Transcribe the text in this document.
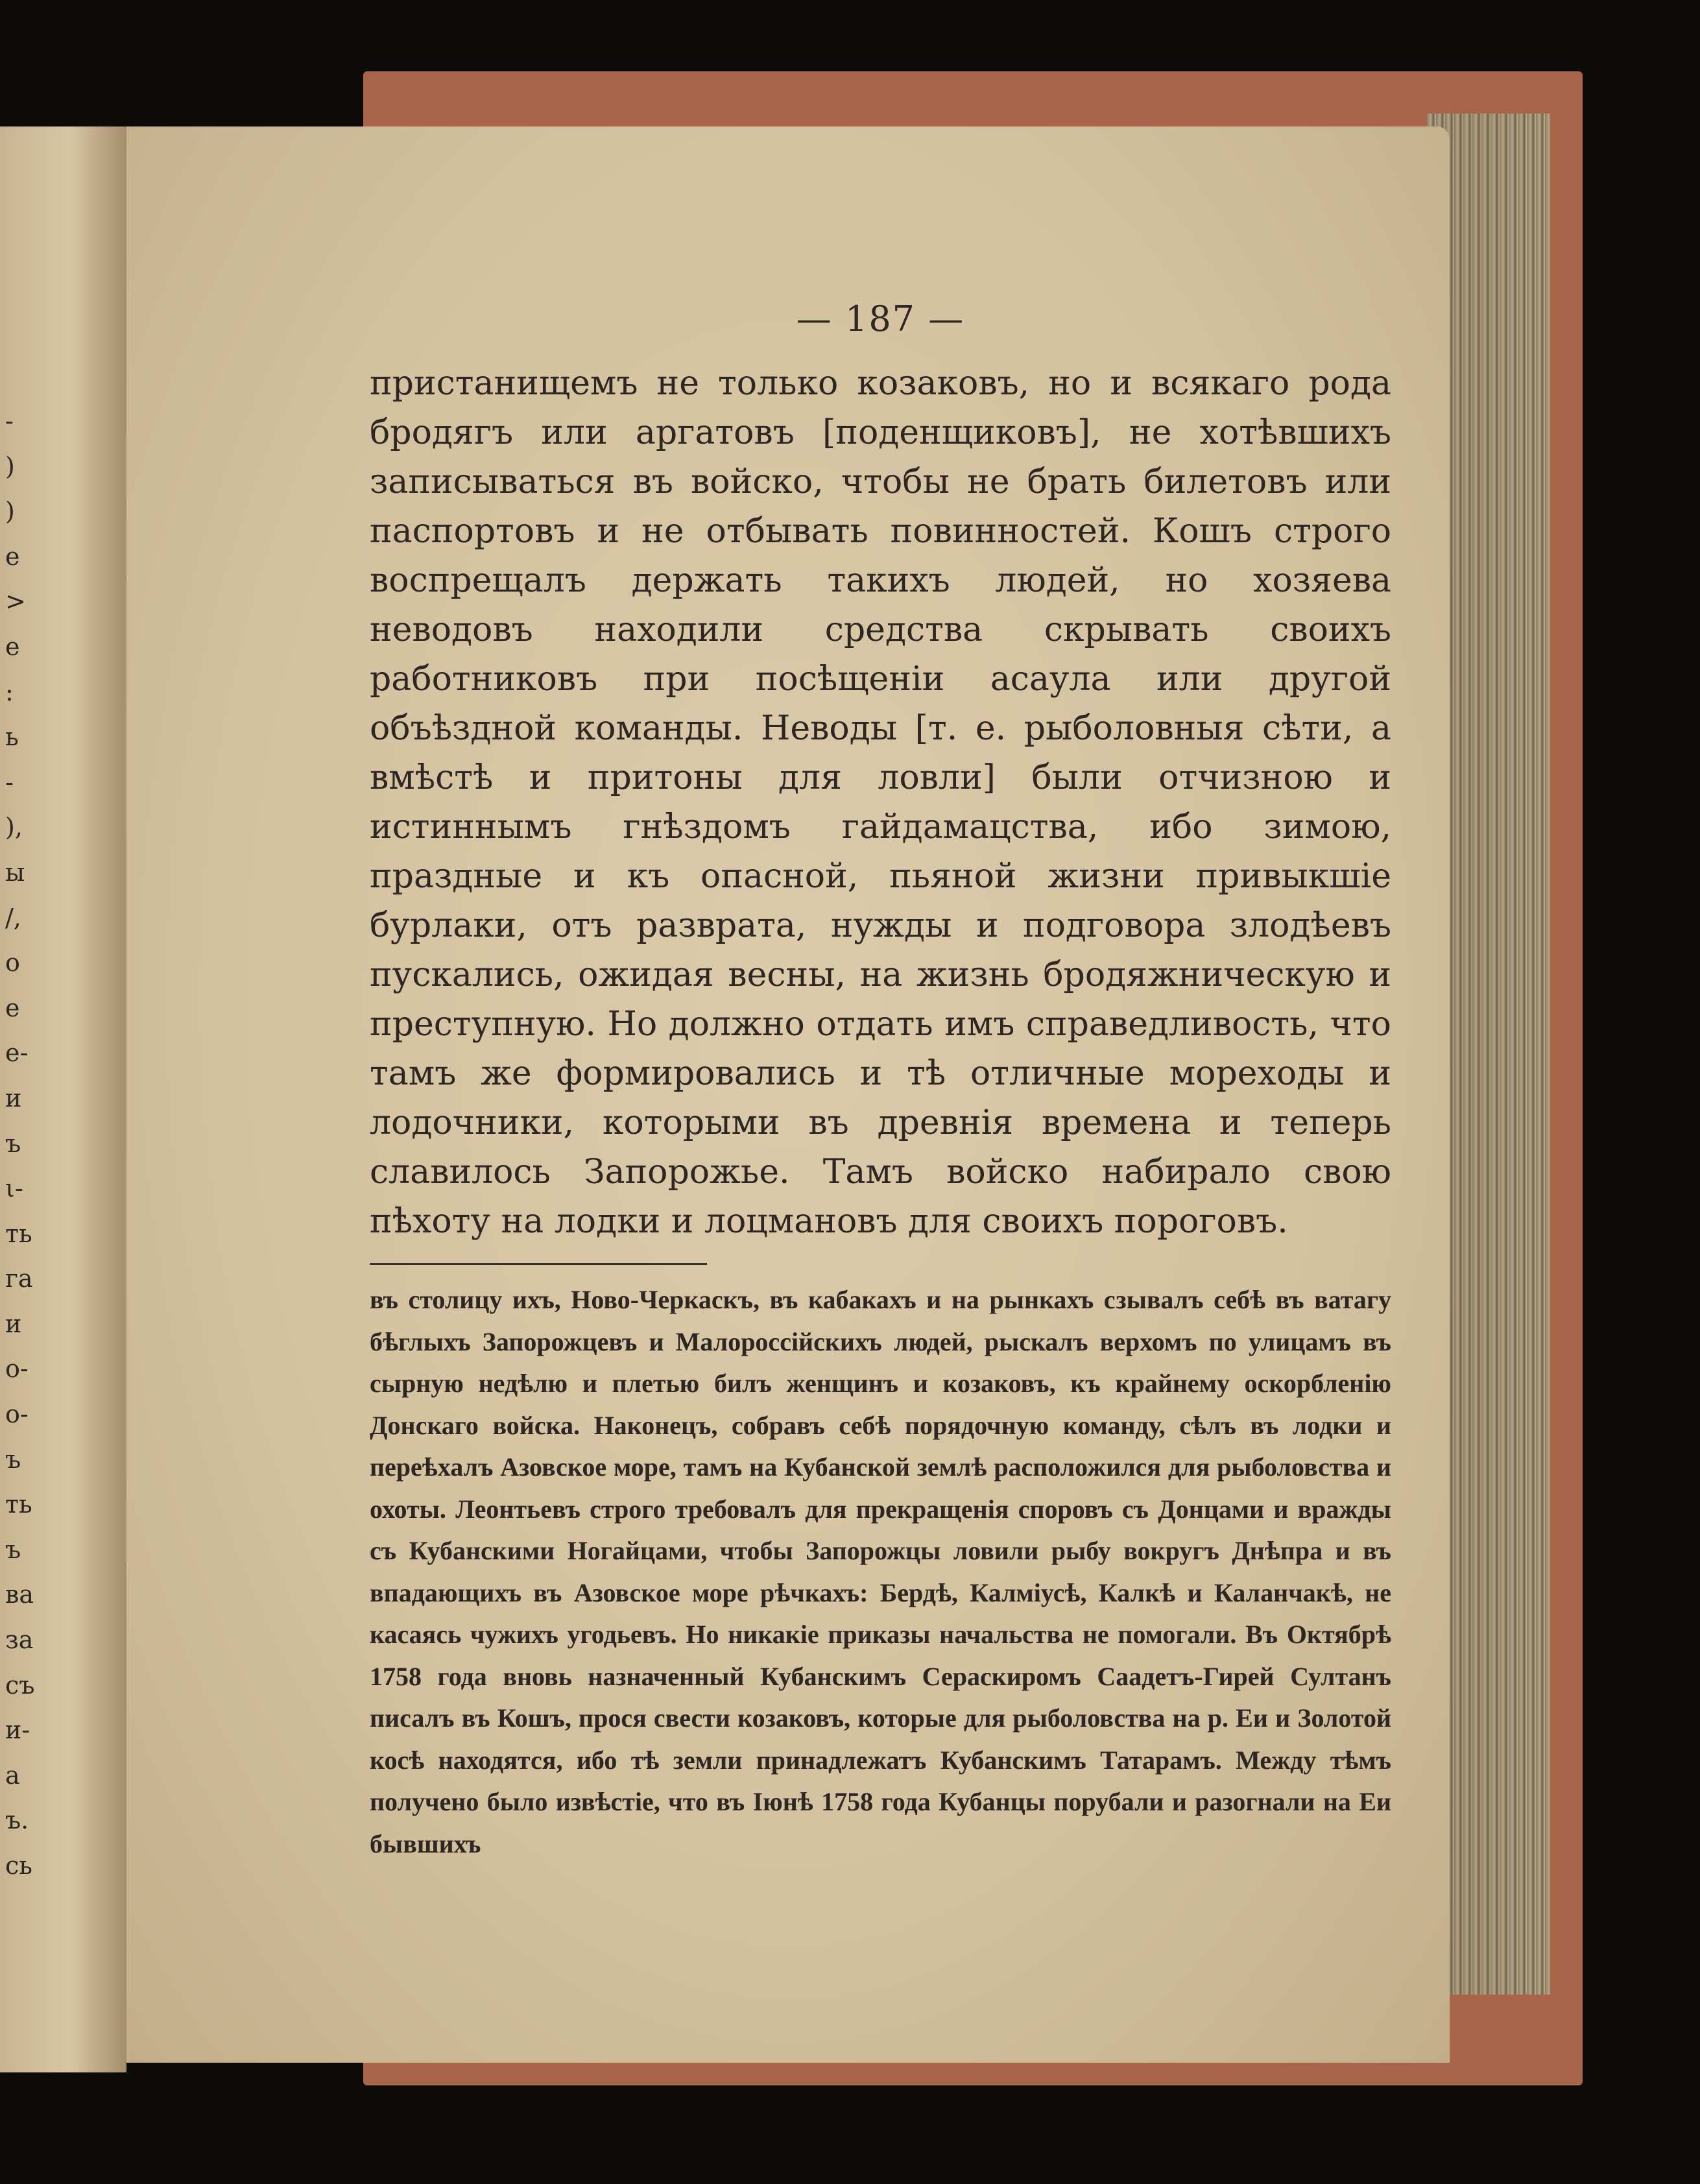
-
)
)
e
>
e
:
ь
-
),
ы
/,
o
e
e-
и
ъ
ι-
ть
га
и
o-
o-
ъ
ть
ъ
ва
за
съ
и-
а
ъ.
сь
— 187 —

пристанищемъ не только козаковъ, но и всякаго рода бродягъ или аргатовъ [поденщиковъ], не хотѣвшихъ записываться въ войско, чтобы не брать билетовъ или паспортовъ и не отбывать повинностей. Кошъ строго воспрещалъ держать такихъ людей, но хозяева неводовъ находили средства скрывать своихъ работниковъ при посѣщеніи асаула или другой объѣздной команды. Неводы [т. е. рыболовныя сѣти, а вмѣстѣ и притоны для ловли] были отчизною и истиннымъ гнѣздомъ гайдамацства, ибо зимою, праздные и къ опасной, пьяной жизни привыкшіе бурлаки, отъ разврата, нужды и подговора злодѣевъ пускались, ожидая весны, на жизнь бродяжническую и преступную. Но должно отдать имъ справедливость, что тамъ же формировались и тѣ отличные мореходы и лодочники, которыми въ древнія времена и теперь славилось Запорожье. Тамъ войско набирало свою пѣхоту на лодки и лоцмановъ для своихъ пороговъ.

въ столицу ихъ, Ново-Черкаскъ, въ кабакахъ и на рынкахъ сзывалъ себѣ въ ватагу бѣглыхъ Запорожцевъ и Малороссійскихъ людей, рыскалъ верхомъ по улицамъ въ сырную недѣлю и плетью билъ женщинъ и козаковъ, къ крайнему оскорбленію Донскаго войска. Наконецъ, собравъ себѣ порядочную команду, сѣлъ въ лодки и переѣхалъ Азовское море, тамъ на Кубанской землѣ расположился для рыболовства и охоты. Леонтьевъ строго требовалъ для прекращенія споровъ съ Донцами и вражды съ Кубанскими Ногайцами, чтобы Запорожцы ловили рыбу вокругъ Днѣпра и въ впадающихъ въ Азовское море рѣчкахъ: Бердѣ, Калміусѣ, Калкѣ и Каланчакѣ, не касаясь чужихъ угодьевъ. Но никакіе приказы начальства не помогали. Въ Октябрѣ 1758 года вновь назначенный Кубанскимъ Сераскиромъ Саадетъ-Гирей Султанъ писалъ въ Кошъ, прося свести козаковъ, которые для рыболовства на р. Еи и Золотой косѣ находятся, ибо тѣ земли принадлежатъ Кубанскимъ Татарамъ. Между тѣмъ получено было извѣстіе, что въ Іюнѣ 1758 года Кубанцы порубали и разогнали на Еи бывшихъ
